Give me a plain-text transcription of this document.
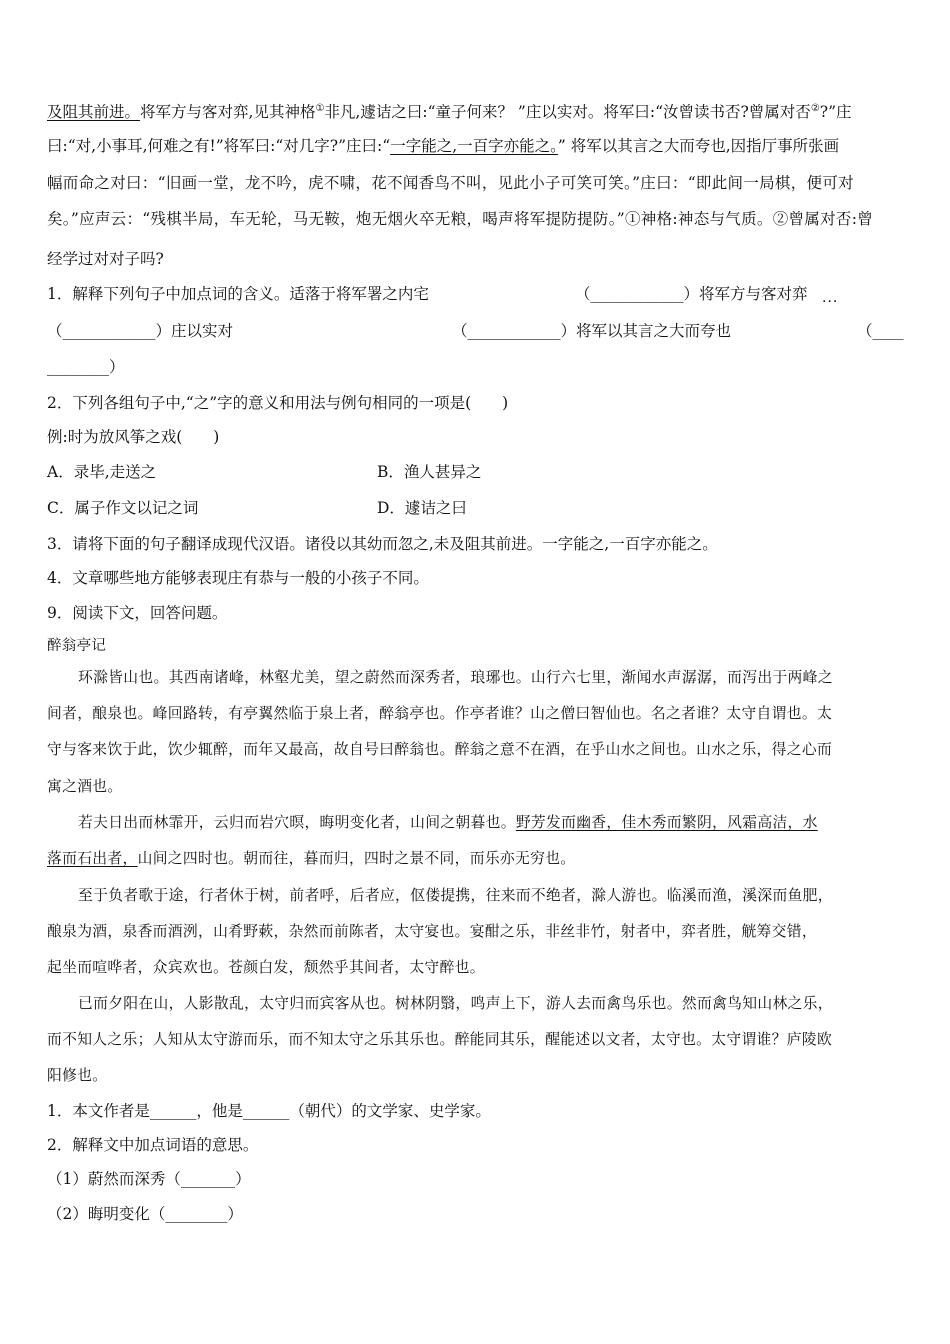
及阻其前进。将军方与客对弈,见其神格①非凡,遽诘之曰:“童子何来？ ”庄以实对。将军曰:“汝曾读书否?曾属对否②?”庄
曰:“对,小事耳,何难之有!”将军曰:“对几字?”庄曰:“一字能之,一百字亦能之。” 将军以其言之大而夸也,因指厅事所张画
幅而命之对曰：“旧画一堂，龙不吟，虎不啸，花不闻香鸟不叫，见此小子可笑可笑。”庄曰：“即此间一局棋，便可对
矣。”应声云：“残棋半局，车无轮，马无鞍，炮无烟火卒无粮，喝声将军提防提防。”①神格:神态与气质。②曾属对否:曾
经学过对对子吗?
1．解释下列句子中加点词的含义。适落于将军署之内宅	（____________）将军方与客对弈 ...
（____________）庄以实对	（____________）将军以其言之大而夸也	（____
________）
2．下列各组句子中,“之”字的意义和用法与例句相同的一项是(　　)
例:时为放风筝之戏(　　)
A．录毕,走送之	B．渔人甚异之
C．属子作文以记之词	D．遽诘之曰
3．请将下面的句子翻译成现代汉语。诸役以其幼而忽之,未及阻其前进。一字能之,一百字亦能之。
4．文章哪些地方能够表现庄有恭与一般的小孩子不同。
9．阅读下文，回答问题。
醉翁亭记
环滁皆山也。其西南诸峰，林壑尤美，望之蔚然而深秀者，琅琊也。山行六七里，渐闻水声潺潺，而泻出于两峰之
间者，酿泉也。峰回路转，有亭翼然临于泉上者，醉翁亭也。作亭者谁？山之僧曰智仙也。名之者谁？太守自谓也。太
守与客来饮于此，饮少辄醉，而年又最高，故自号曰醉翁也。醉翁之意不在酒，在乎山水之间也。山水之乐，得之心而
寓之酒也。
若夫日出而林霏开，云归而岩穴暝，晦明变化者，山间之朝暮也。野芳发而幽香，佳木秀而繁阴，风霜高洁，水
落而石出者，山间之四时也。朝而往，暮而归，四时之景不同，而乐亦无穷也。
至于负者歌于途，行者休于树，前者呼，后者应，伛偻提携，往来而不绝者，滁人游也。临溪而渔，溪深而鱼肥，
酿泉为酒，泉香而酒洌，山肴野蔌，杂然而前陈者，太守宴也。宴酣之乐，非丝非竹，射者中，弈者胜，觥筹交错，
起坐而喧哗者，众宾欢也。苍颜白发，颓然乎其间者，太守醉也。
已而夕阳在山，人影散乱，太守归而宾客从也。树林阴翳，鸣声上下，游人去而禽鸟乐也。然而禽鸟知山林之乐，
而不知人之乐；人知从太守游而乐，而不知太守之乐其乐也。醉能同其乐，醒能述以文者，太守也。太守谓谁？庐陵欧
阳修也。
1．本文作者是______，他是______（朝代）的文学家、史学家。
2．解释文中加点词语的意思。
（1）蔚然而深秀（_______）
（2）晦明变化（________）
